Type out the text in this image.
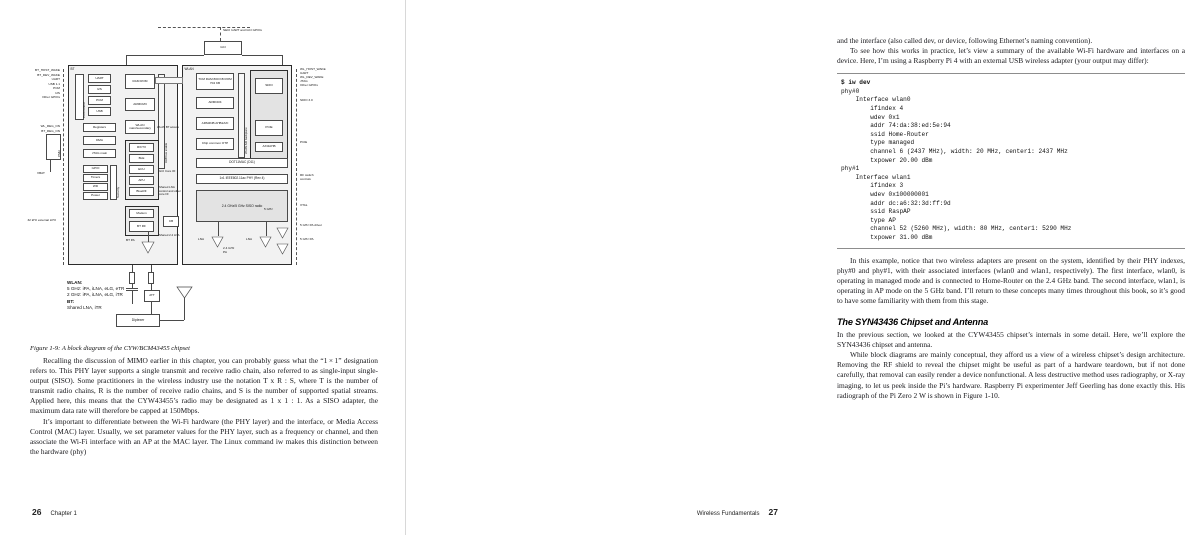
SECI UART and GCI GPIOs
GCI
BT
BT_HOST_WAKE
BT_DEV_WAKE
UART
USB 1.1
PCM
I2S
Other GPIOs
Port control
UART
I2S
PCM
USB
Registers
DMA
JTAG main
GPIO
Timers
WD
Power	Security
RAM ROM
ARMCM3
WLAN main/secondary
AHB bus enable
RX/TX
BLE
ECU
APU
BlueRF
Modem
BT RF
BT PA
WL_REG_ON
BT_REG_ON
PMU
VBAT
32 kHz external LPO
WLAN
WLAN BT access
TCM RAM 800 KB ROM 704 KB
ARMCR4
ARM4NB AHB2AXI
Chip common OTP	WLAN AXI backplane
SDIO
PCIE
AXI2AHB
WL_HOST_WAKE
UART
WL_DEV_WAKE
JTAG
Other GPIOs
SDIO 3.0
PCIE
RF switch controls
XTAL
5 GHz PA driver
5 GHz PA
GCI Core I/F
Shared LNA control and other core I/F
Shared 2.4 LNA
CB
DOT11MAC (D11)
1x1 IEEE802.11ac PHY (Rev 4)
2.4 GHz/5 GHz SISO radio
LNA
2.4 GHz PA
LNA
5 GHz
ATT
Diplexer
WLAN:
5 GHz: iPA, iLNA, eLG, eTR
2 GHz: iPA, iLNA, eLG, iTR
BT:
Shared LNA, iTR
Figure 1-9: A block diagram of the CYW/BCM43455 chipset

Recalling the discussion of MIMO earlier in this chapter, you can probably guess what the “1 × 1” designation refers to. This PHY layer supports a single transmit and receive radio chain, also referred to as single-input single-output (SISO). Some practitioners in the wireless industry use the notation T x R : S, where T is the number of transmit radio chains, R is the number of receive radio chains, and S is the number of supported spatial streams. Applied here, this means that the CYW43455’s radio may be designated as 1 x 1 : 1. As a SISO adapter, the maximum data rate will therefore be capped at 150Mbps.

It’s important to differentiate between the Wi-Fi hardware (the PHY layer) and the interface, or Media Access Control (MAC) layer. Usually, we set parameter values for the PHY layer, such as a frequency or channel, and then associate the Wi-Fi interface with an AP at the MAC layer. The Linux command iw makes this distinction between the hardware (phy)

26 Chapter 1

and the interface (also called dev, or device, following Ethernet’s naming convention).

To see how this works in practice, let’s view a summary of the available Wi-Fi hardware and interfaces on a device. Here, I’m using a Raspberry Pi 4 with an external USB wireless adapter (your output may differ):

$ iw dev
phy#0
Interface wlan0
ifindex 4
wdev 0x1
addr 74:da:38:ed:5e:94
ssid Home-Router
type managed
channel 6 (2437 MHz), width: 20 MHz, center1: 2437 MHz
txpower 20.00 dBm
phy#1
Interface wlan1
ifindex 3
wdev 0x100000001
addr dc:a6:32:3d:ff:9d
ssid RaspAP
type AP
channel 52 (5260 MHz), width: 80 MHz, center1: 5290 MHz
txpower 31.00 dBm

In this example, notice that two wireless adapters are present on the system, identified by their PHY indexes, phy#0 and phy#1, with their associated interfaces (wlan0 and wlan1, respectively). The first interface, wlan0, is operating in managed mode and is connected to Home-Router on the 2.4 GHz band. The second interface, wlan1, is operating in AP mode on the 5 GHz band. I’ll return to these concepts many times throughout this book, so it’s good to have some familiarity with them from this stage.

The SYN43436 Chipset and Antenna

In the previous section, we looked at the CYW43455 chipset’s internals in some detail. Here, we’ll explore the SYN43436 chipset and antenna.

While block diagrams are mainly conceptual, they afford us a view of a wireless chipset’s design architecture. Removing the RF shield to reveal the chipset might be useful as part of a hardware teardown, but if not done carefully, that removal can easily render a device nonfunctional. A less destructive method uses radiography, or X-ray imaging, to let us peek inside the Pi’s hardware. Raspberry Pi experimenter Jeff Geerling has done exactly this. His radiograph of the Pi Zero 2 W is shown in Figure 1-10.

Wireless Fundamentals 27
